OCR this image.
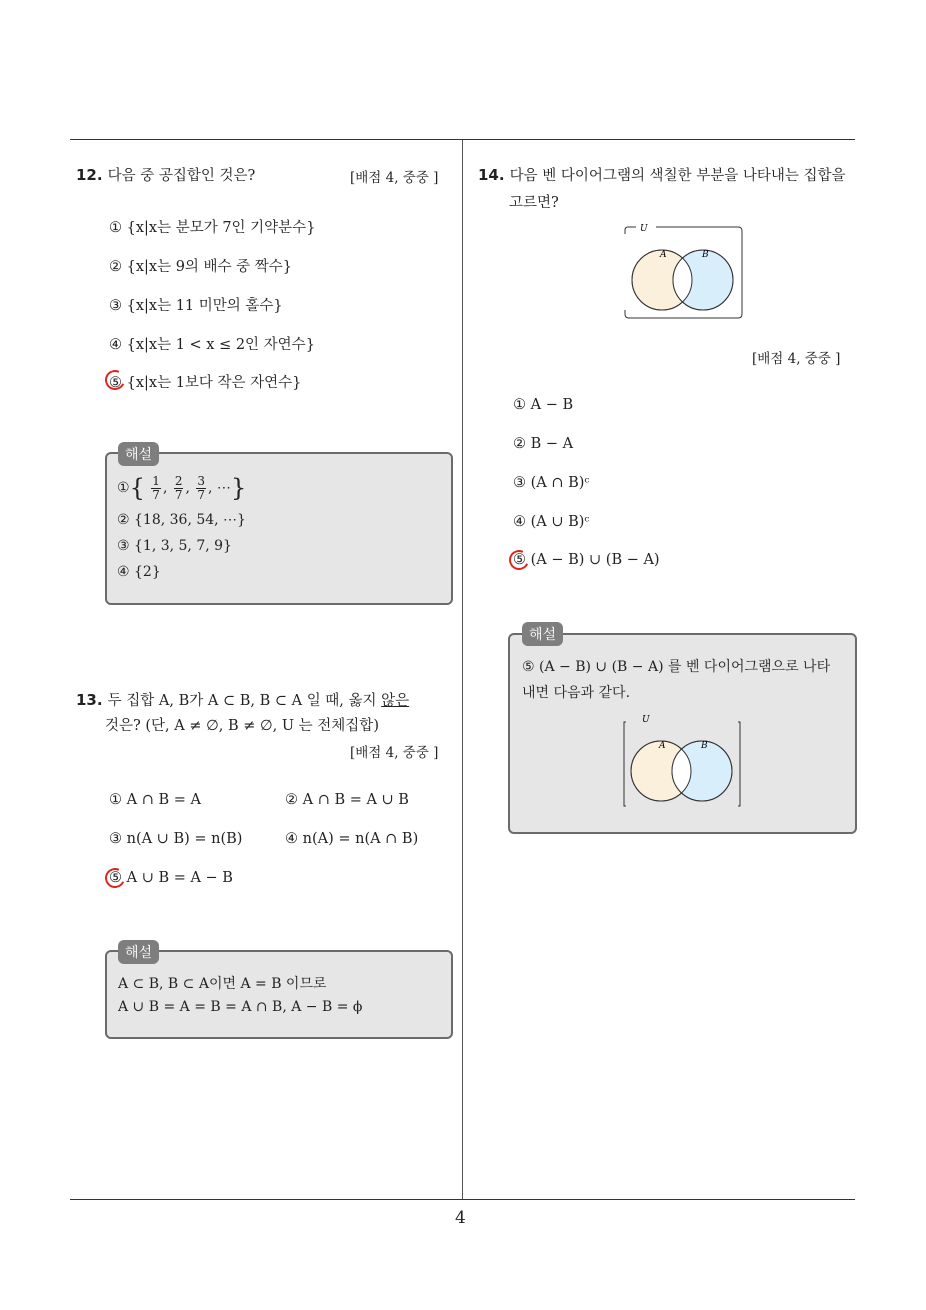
12. 다음 중 공집합인 것은?	[배점 4, 중중 ]
① {x|x는 분모가 7인 기약분수}
② {x|x는 9의 배수 중 짝수}
③ {x|x는 11 미만의 홀수}
④ {x|x는 1 < x ≤ 2인 자연수}
⑤ {x|x는 1보다 작은 자연수}
해설
①{ $\frac{1}{7}$ , $\frac{2}{7}$ , $\frac{3}{7}$ , ⋯}
② {18, 36, 54, ⋯}
③ {1, 3, 5, 7, 9}
④ {2}
13. 두 집합 A, B가 A ⊂ B, B ⊂ A 일 때, 옳지 않은
것은? (단, A ≠ ∅, B ≠ ∅, U 는 전체집합)
[배점 4, 중중 ]
① A ∩ B = A	② A ∩ B = A ∪ B
③ n(A ∪ B) = n(B)	④ n(A) = n(A ∩ B)
⑤ A ∪ B = A − B
해설
A ⊂ B, B ⊂ A이면 A = B 이므로
A ∪ B = A = B = A ∩ B, A − B = ϕ
14. 다음 벤 다이어그램의 색칠한 부분을 나타내는 집합을
고르면?
U
A	B
[배점 4, 중중 ]
① A − B
② B − A
③ (A ∩ B)ᶜ
④ (A ∪ B)ᶜ
⑤ (A − B) ∪ (B − A)
해설
⑤ (A − B) ∪ (B − A) 를 벤 다이어그램으로 나타
내면 다음과 같다.
U
A	B
4
